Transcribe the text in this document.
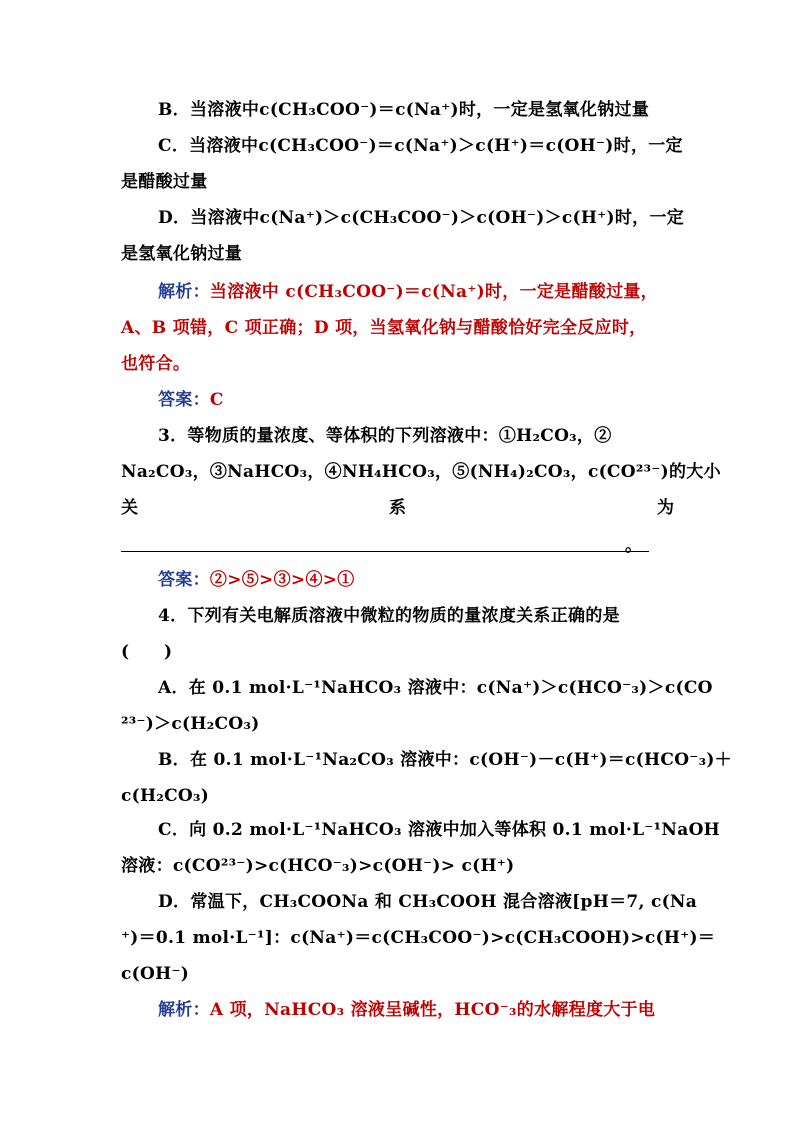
B．当溶液中c(CH₃COO⁻)＝c(Na⁺)时，一定是氢氧化钠过量
C．当溶液中c(CH₃COO⁻)＝c(Na⁺)＞c(H⁺)＝c(OH⁻)时，一定
是醋酸过量
D．当溶液中c(Na⁺)＞c(CH₃COO⁻)＞c(OH⁻)＞c(H⁺)时，一定
是氢氧化钠过量
解析：当溶液中 c(CH₃COO⁻)＝c(Na⁺)时，一定是醋酸过量，
A、B 项错，C 项正确；D 项，当氢氧化钠与醋酸恰好完全反应时，
也符合。
答案：C
3．等物质的量浓度、等体积的下列溶液中：①H₂CO₃，②
Na₂CO₃，③NaHCO₃，④NH₄HCO₃，⑤(NH₄)₂CO₃，c(CO²³⁻)的大小
关	系	为
。
答案：②>⑤>③>④>①
4．下列有关电解质溶液中微粒的物质的量浓度关系正确的是
(　　)
A．在 0.1 mol·L⁻¹NaHCO₃ 溶液中：c(Na⁺)＞c(HCO⁻₃)＞c(CO
²³⁻)＞c(H₂CO₃)
B．在 0.1 mol·L⁻¹Na₂CO₃ 溶液中：c(OH⁻)－c(H⁺)＝c(HCO⁻₃)＋
c(H₂CO₃)
C．向 0.2 mol·L⁻¹NaHCO₃ 溶液中加入等体积 0.1 mol·L⁻¹NaOH
溶液：c(CO²³⁻)>c(HCO⁻₃)>c(OH⁻)> c(H⁺)
D．常温下，CH₃COONa 和 CH₃COOH 混合溶液[pH＝7, c(Na
⁺)＝0.1 mol·L⁻¹]：c(Na⁺)＝c(CH₃COO⁻)>c(CH₃COOH)>c(H⁺)＝
c(OH⁻)
解析：A 项，NaHCO₃ 溶液呈碱性，HCO⁻₃的水解程度大于电
